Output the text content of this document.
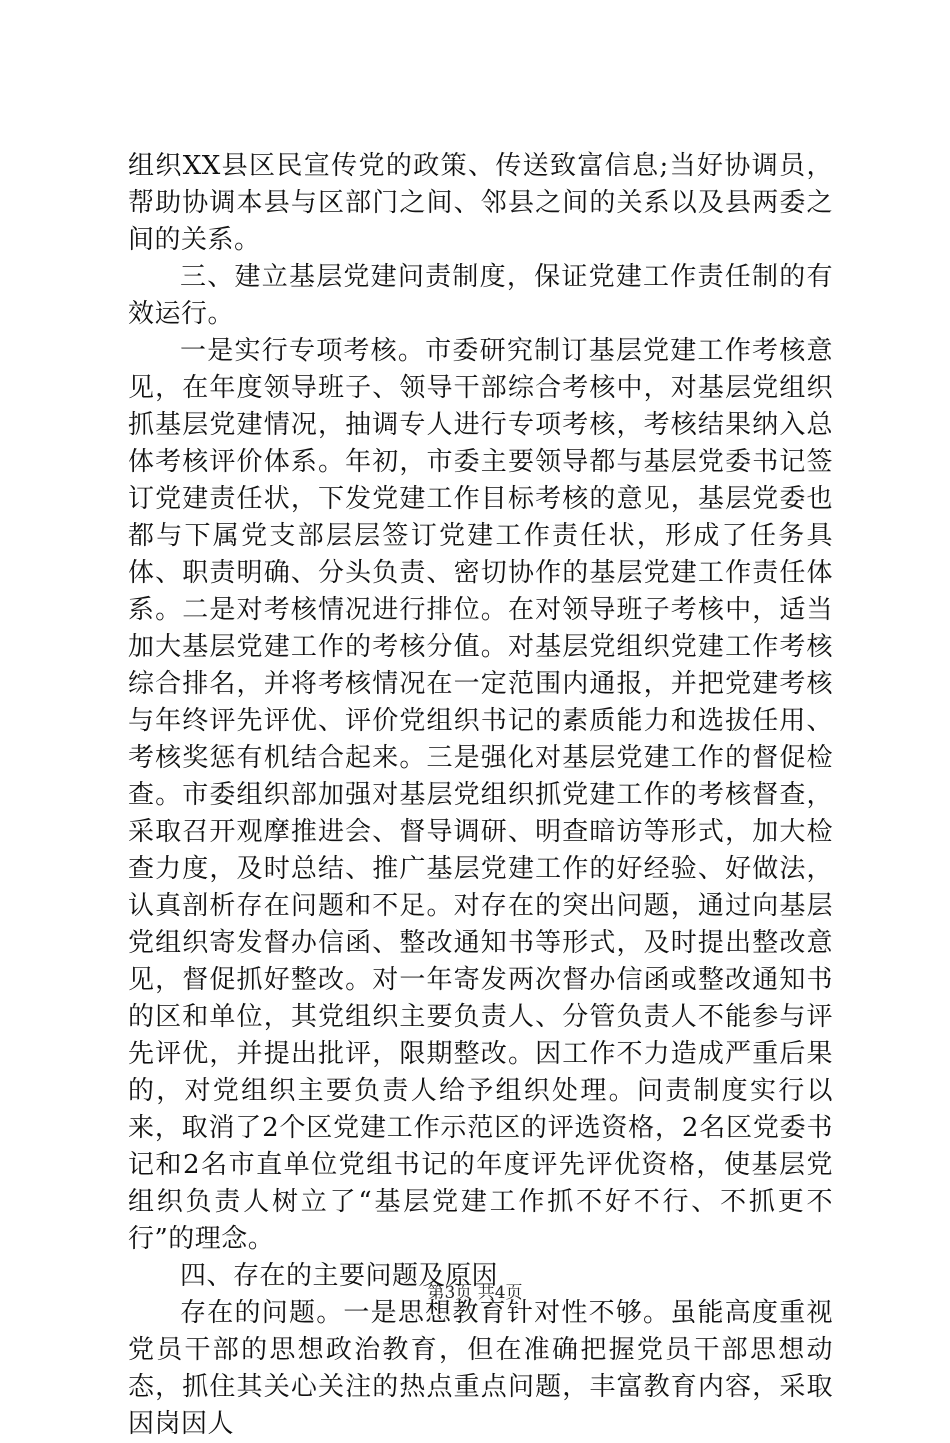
组织XX县区民宣传党的政策、传送致富信息;当好协调员，帮助协调本县与区部门之间、邻县之间的关系以及县两委之间的关系。

三、建立基层党建问责制度，保证党建工作责任制的有效运行。

一是实行专项考核。市委研究制订基层党建工作考核意见，在年度领导班子、领导干部综合考核中，对基层党组织抓基层党建情况，抽调专人进行专项考核，考核结果纳入总体考核评价体系。年初，市委主要领导都与基层党委书记签订党建责任状，下发党建工作目标考核的意见，基层党委也都与下属党支部层层签订党建工作责任状，形成了任务具体、职责明确、分头负责、密切协作的基层党建工作责任体系。二是对考核情况进行排位。在对领导班子考核中，适当加大基层党建工作的考核分值。对基层党组织党建工作考核综合排名，并将考核情况在一定范围内通报，并把党建考核与年终评先评优、评价党组织书记的素质能力和选拔任用、考核奖惩有机结合起来。三是强化对基层党建工作的督促检查。市委组织部加强对基层党组织抓党建工作的考核督查，采取召开观摩推进会、督导调研、明查暗访等形式，加大检查力度，及时总结、推广基层党建工作的好经验、好做法，认真剖析存在问题和不足。对存在的突出问题，通过向基层党组织寄发督办信函、整改通知书等形式，及时提出整改意见，督促抓好整改。对一年寄发两次督办信函或整改通知书的区和单位，其党组织主要负责人、分管负责人不能参与评先评优，并提出批评，限期整改。因工作不力造成严重后果的，对党组织主要负责人给予组织处理。问责制度实行以来，取消了2个区党建工作示范区的评选资格，2名区党委书记和2名市直单位党组书记的年度评先评优资格，使基层党组织负责人树立了“基层党建工作抓不好不行、不抓更不行”的理念。

四、存在的主要问题及原因

存在的问题。一是思想教育针对性不够。虽能高度重视党员干部的思想政治教育，但在准确把握党员干部思想动态，抓住其关心关注的热点重点问题，丰富教育内容，采取因岗因人

第3页 共4页
